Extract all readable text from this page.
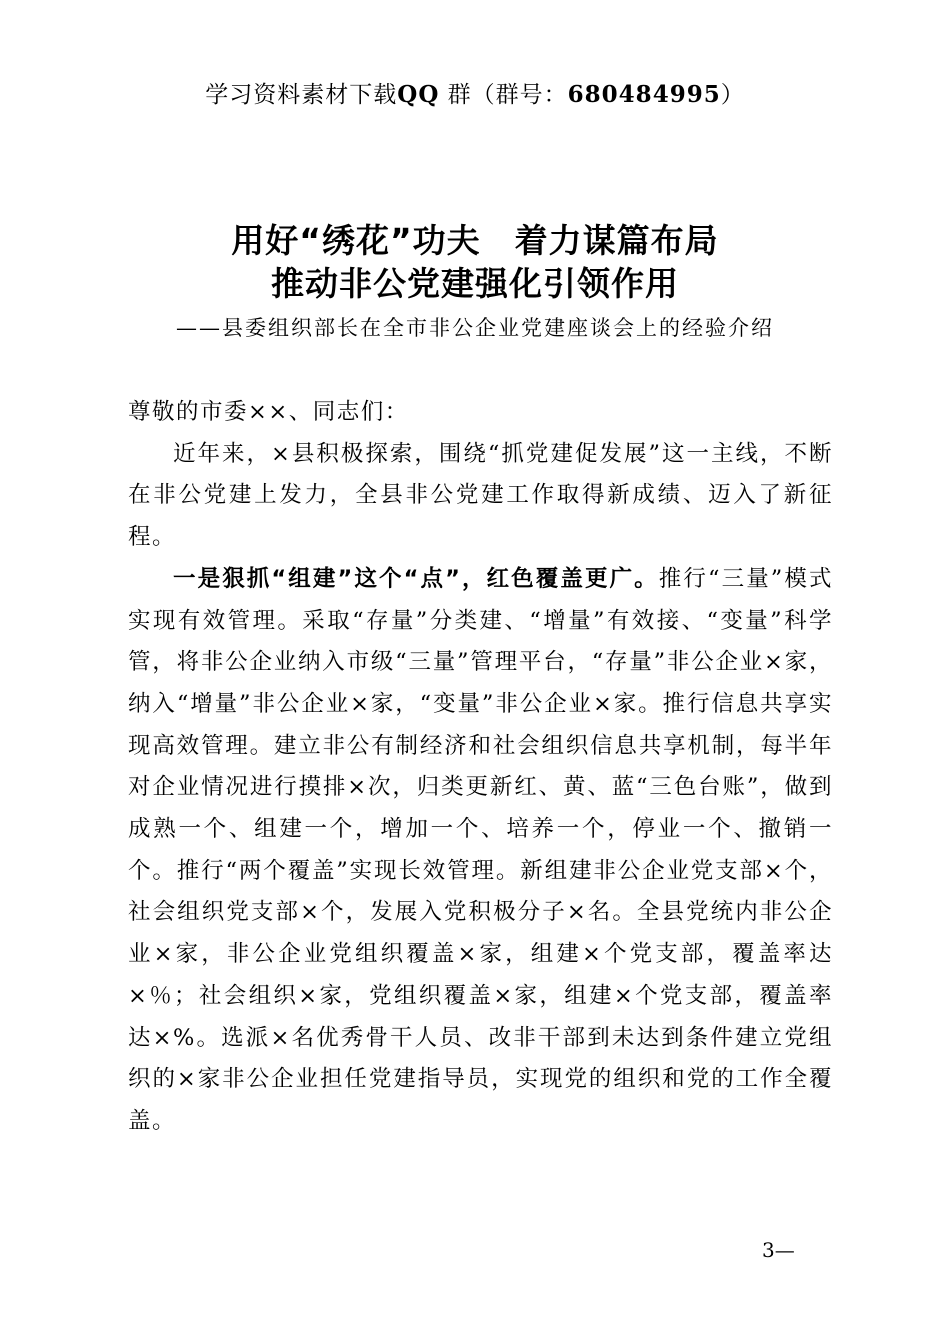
学习资料素材下载QQ 群（群号：680484995）
用好“绣花”功夫　着力谋篇布局
推动非公党建强化引领作用
——县委组织部长在全市非公企业党建座谈会上的经验介绍

尊敬的市委××、同志们：

近年来，×县积极探索，围绕“抓党建促发展”这一主线，不断在非公党建上发力，全县非公党建工作取得新成绩、迈入了新征程。

一是狠抓“组建”这个“点”，红色覆盖更广。推行“三量”模式实现有效管理。采取“存量”分类建、“增量”有效接、“变量”科学管，将非公企业纳入市级“三量”管理平台，“存量”非公企业×家，纳入“增量”非公企业×家，“变量”非公企业×家。推行信息共享实现高效管理。建立非公有制经济和社会组织信息共享机制，每半年对企业情况进行摸排×次，归类更新红、黄、蓝“三色台账”，做到成熟一个、组建一个，增加一个、培养一个，停业一个、撤销一个。推行“两个覆盖”实现长效管理。新组建非公企业党支部×个，社会组织党支部×个，发展入党积极分子×名。全县党统内非公企业×家，非公企业党组织覆盖×家，组建×个党支部，覆盖率达×％；社会组织×家，党组织覆盖×家，组建×个党支部，覆盖率达×%。选派×名优秀骨干人员、改非干部到未达到条件建立党组织的×家非公企业担任党建指导员，实现党的组织和党的工作全覆盖。

3—
